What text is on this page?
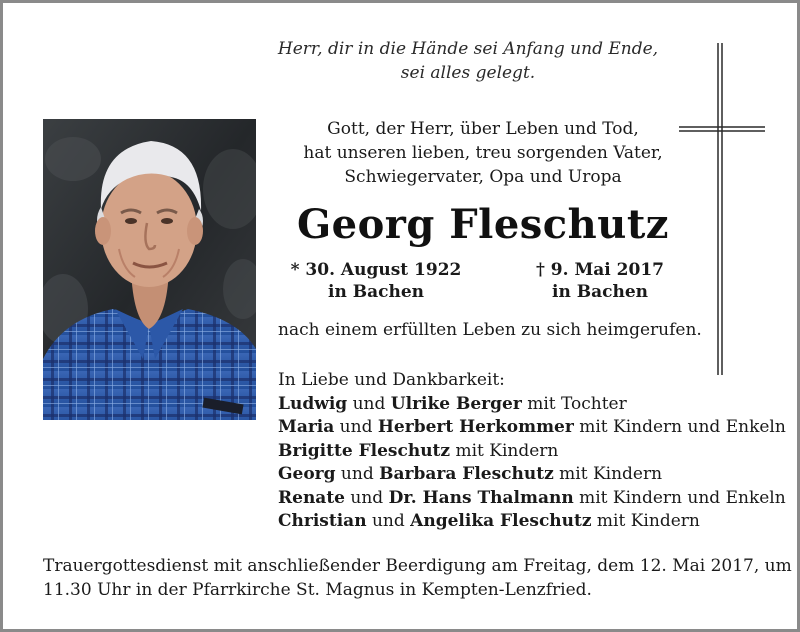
Herr, dir in die Hände sei Anfang und Ende,
sei alles gelegt.
Gott, der Herr, über Leben und Tod,
hat unseren lieben, treu sorgenden Vater,
Schwiegervater, Opa und Uropa
Georg Fleschutz
* 30. August 1922
in Bachen
† 9. Mai 2017
in Bachen
nach einem erfüllten Leben zu sich heimgerufen.
In Liebe und Dankbarkeit:
Ludwig und Ulrike Berger mit Tochter
Maria und Herbert Herkommer mit Kindern und Enkeln
Brigitte Fleschutz mit Kindern
Georg und Barbara Fleschutz mit Kindern
Renate und Dr. Hans Thalmann mit Kindern und Enkeln
Christian und Angelika Fleschutz mit Kindern
Trauergottesdienst mit anschließender Beerdigung am Freitag, dem 12. Mai 2017, um
11.30 Uhr in der Pfarrkirche St. Magnus in Kempten-Lenzfried.
